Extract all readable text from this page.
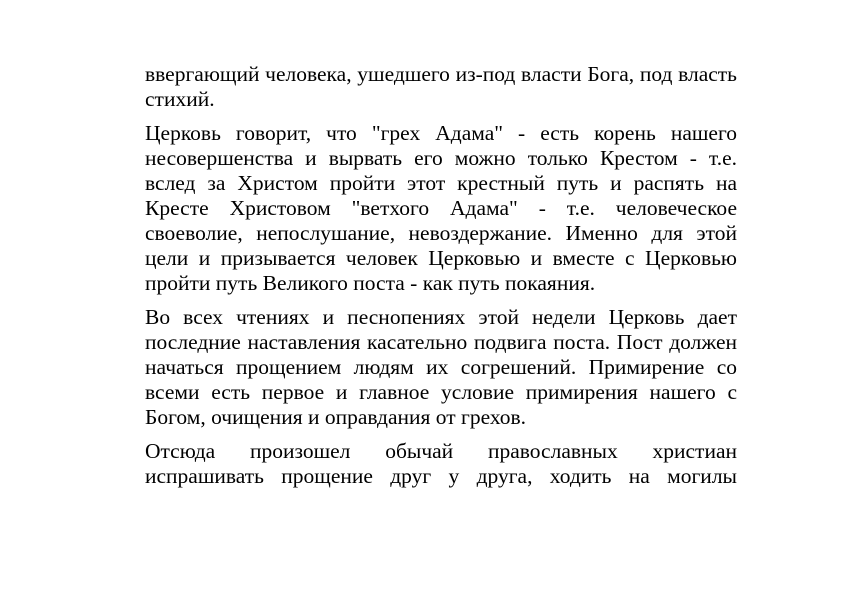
ввергающий человека, ушедшего из-под власти Бога, под власть стихий.

Церковь говорит, что "грех Адама" - есть корень нашего несовершенства и вырвать его можно только Крестом - т.е. вслед за Христом пройти этот крестный путь и распять на Кресте Христовом "ветхого Адама" - т.е. человеческое своеволие, непослушание, невоздержание. Именно для этой цели и призывается человек Церковью и вместе с Церковью пройти путь Великого поста - как путь покаяния.

Во всех чтениях и песнопениях этой недели Церковь дает последние наставления касательно подвига поста. Пост должен начаться прощением людям их согрешений. Примирение со всеми есть первое и главное условие примирения нашего с Богом, очищения и оправдания от грехов.

Отсюда произошел обычай православных христиан испрашивать прощение друг у друга, ходить на могилы
